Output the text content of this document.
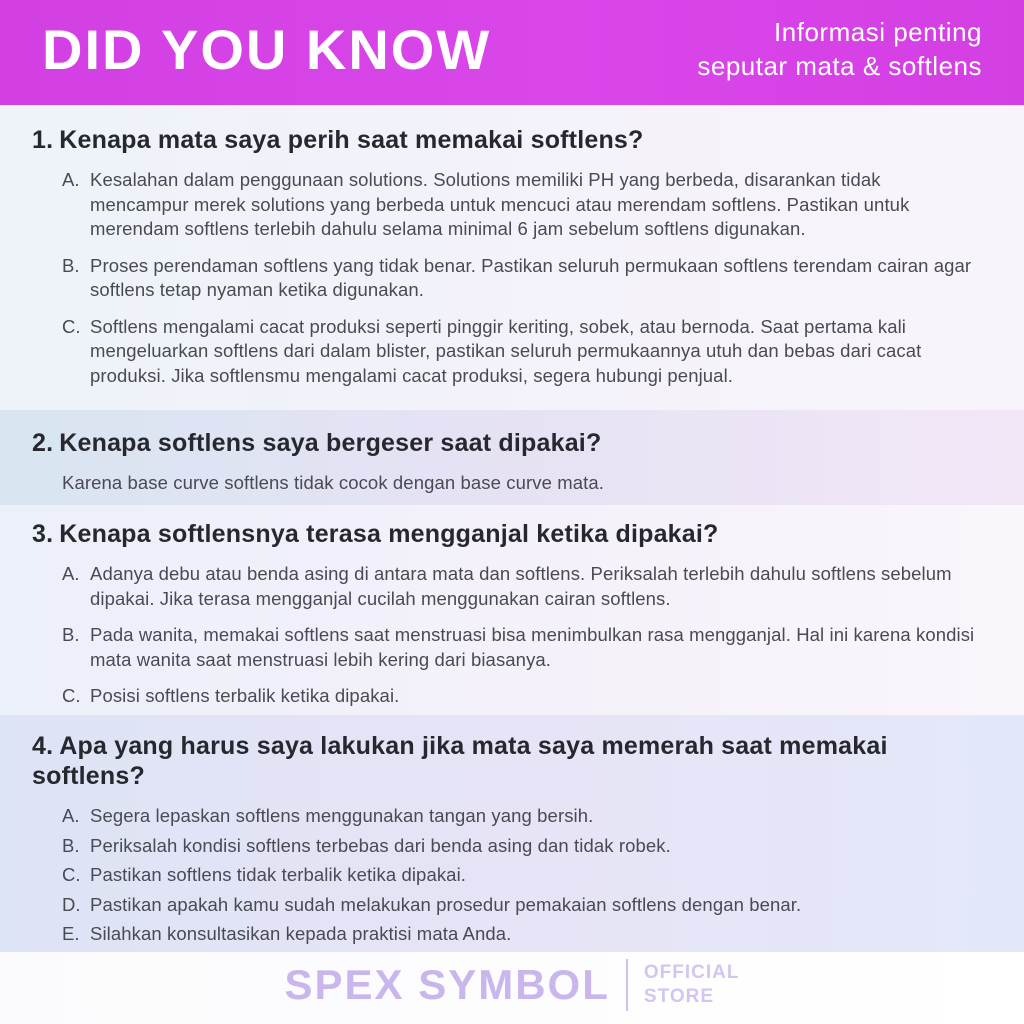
DID YOU KNOW	Informasi penting
seputar mata & softlens
1. Kenapa mata saya perih saat memakai softlens?
A. Kesalahan dalam penggunaan solutions. Solutions memiliki PH yang berbeda, disarankan tidak mencampur merek solutions yang berbeda untuk mencuci atau merendam softlens. Pastikan untuk merendam softlens terlebih dahulu selama minimal 6 jam sebelum softlens digunakan.
B. Proses perendaman softlens yang tidak benar. Pastikan seluruh permukaan softlens terendam cairan agar softlens tetap nyaman ketika digunakan.
C. Softlens mengalami cacat produksi seperti pinggir keriting, sobek, atau bernoda. Saat pertama kali mengeluarkan softlens dari dalam blister, pastikan seluruh permukaannya utuh dan bebas dari cacat produksi. Jika softlensmu mengalami cacat produksi, segera hubungi penjual.
2. Kenapa softlens saya bergeser saat dipakai?
Karena base curve softlens tidak cocok dengan base curve mata.
3. Kenapa softlensnya terasa mengganjal ketika dipakai?
A. Adanya debu atau benda asing di antara mata dan softlens. Periksalah terlebih dahulu softlens sebelum dipakai. Jika terasa mengganjal cucilah menggunakan cairan softlens.
B. Pada wanita, memakai softlens saat menstruasi bisa menimbulkan rasa mengganjal. Hal ini karena kondisi mata wanita saat menstruasi lebih kering dari biasanya.
C. Posisi softlens terbalik ketika dipakai.
4. Apa yang harus saya lakukan jika mata saya memerah saat memakai softlens?
A. Segera lepaskan softlens menggunakan tangan yang bersih.
B. Periksalah kondisi softlens terbebas dari benda asing dan tidak robek.
C. Pastikan softlens tidak terbalik ketika dipakai.
D. Pastikan apakah kamu sudah melakukan prosedur pemakaian softlens dengan benar.
E. Silahkan konsultasikan kepada praktisi mata Anda.
SPEX SYMBOL OFFICIAL
STORE
